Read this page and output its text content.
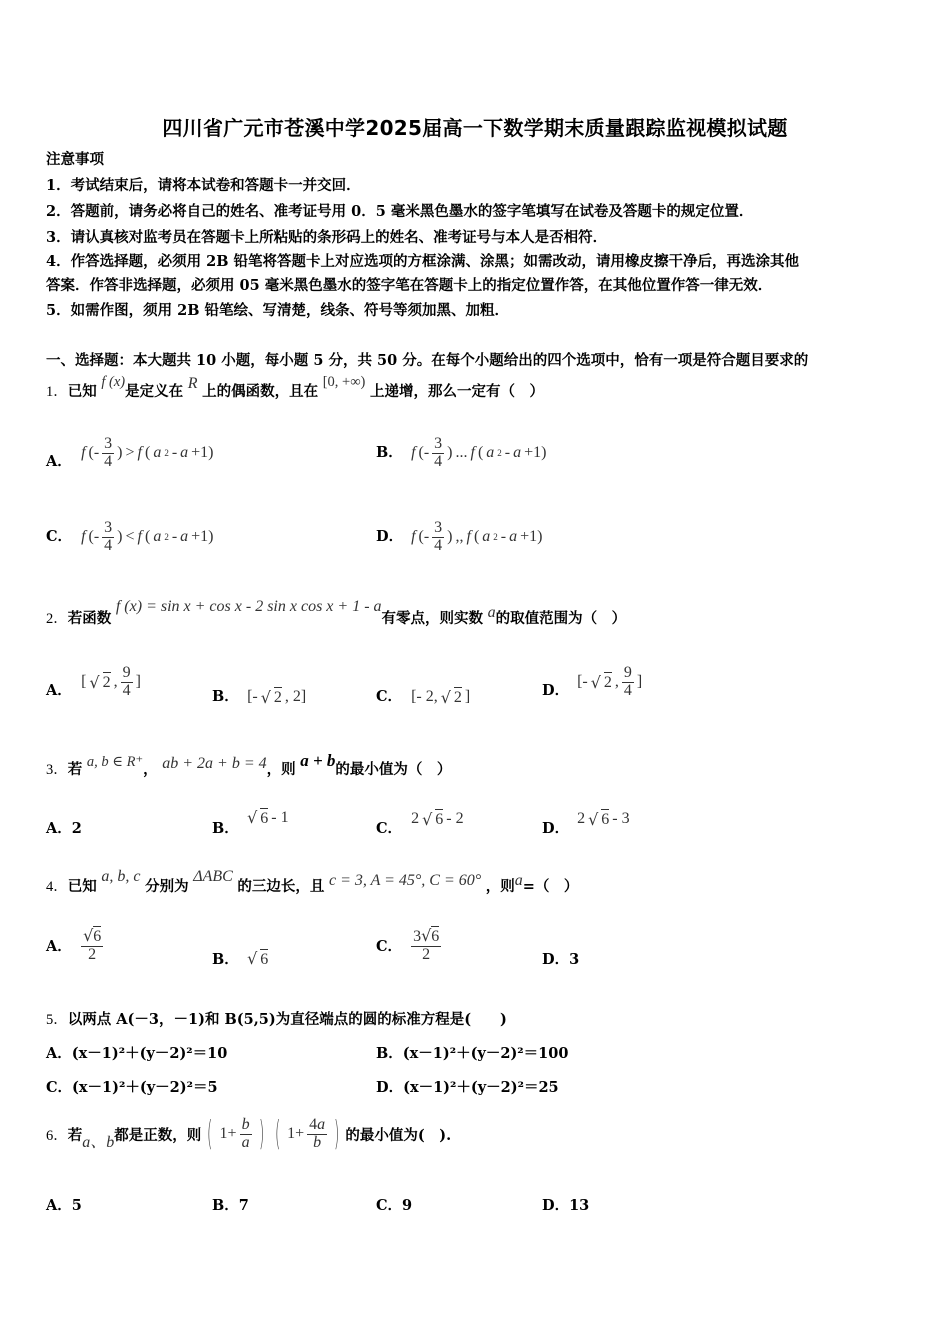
四川省广元市苍溪中学2025届高一下数学期末质量跟踪监视模拟试题
注意事项
1．考试结束后，请将本试卷和答题卡一并交回．
2．答题前，请务必将自己的姓名、准考证号用 0．5 毫米黑色墨水的签字笔填写在试卷及答题卡的规定位置．
3．请认真核对监考员在答题卡上所粘贴的条形码上的姓名、准考证号与本人是否相符．
4．作答选择题，必须用 2B 铅笔将答题卡上对应选项的方框涂满、涂黑；如需改动，请用橡皮擦干净后，再选涂其他
答案．作答非选择题，必须用 05 毫米黑色墨水的签字笔在答题卡上的指定位置作答，在其他位置作答一律无效．
5．如需作图，须用 2B 铅笔绘、写清楚，线条、符号等须加黑、加粗．
一、选择题：本大题共 10 小题，每小题 5 分，共 50 分。在每个小题给出的四个选项中，恰有一项是符合题目要求的
1．已知 f (x)是定义在 R 上的偶函数，且在 [0, +∞) 上递增，那么一定有（　）
A． f (- $\frac{3}{4}$ ) > f ( a 2 - a +1)	B． f (- $\frac{3}{4}$ ) ... f ( a 2 - a +1)
C． f (- $\frac{3}{4}$ ) < f ( a 2 - a +1)	D． f (- $\frac{3}{4}$ ) ,, f ( a 2 - a +1)
2．若函数 f (x) = sin x + cos x - 2 sin x cos x + 1 - a有零点，则实数 a的取值范围为（　）
A． [ √ 2 , $\frac{9}{4}$ ]
B． [- √ 2 , 2]	C． [- 2, √ 2 ]	D． [- √ 2 , $\frac{9}{4}$ ]
3．若 a, b ∈ R⁺， ab + 2a + b = 4，则 a + b的最小值为（　）
A．2	B．
√ 6 - 1
C． 2 √ 6 - 2
D． 2 √ 6 - 3
4．已知 a, b, c 分别为 ΔABC 的三边长，且 c = 3, A = 45°, C = 60° ，则a=（　）
A． $\frac{√6}{2}$	B． √ 6
C． $\frac{3√6}{2}$	D．3
5．以两点 A(－3，－1)和 B(5,5)为直径端点的圆的标准方程是(　　)
A．(x－1)²＋(y－2)²＝10	B．(x－1)²＋(y－2)²＝100
C．(x－1)²＋(y－2)²＝5	D．(x－1)²＋(y－2)²＝25
6． 若 a、b 都是正数，则 ( $1+ \frac{b}{a}$ ) ( $1+ \frac{4a}{b}$ ) 的最小值为(　).
A．5	B．7	C．9	D．13
